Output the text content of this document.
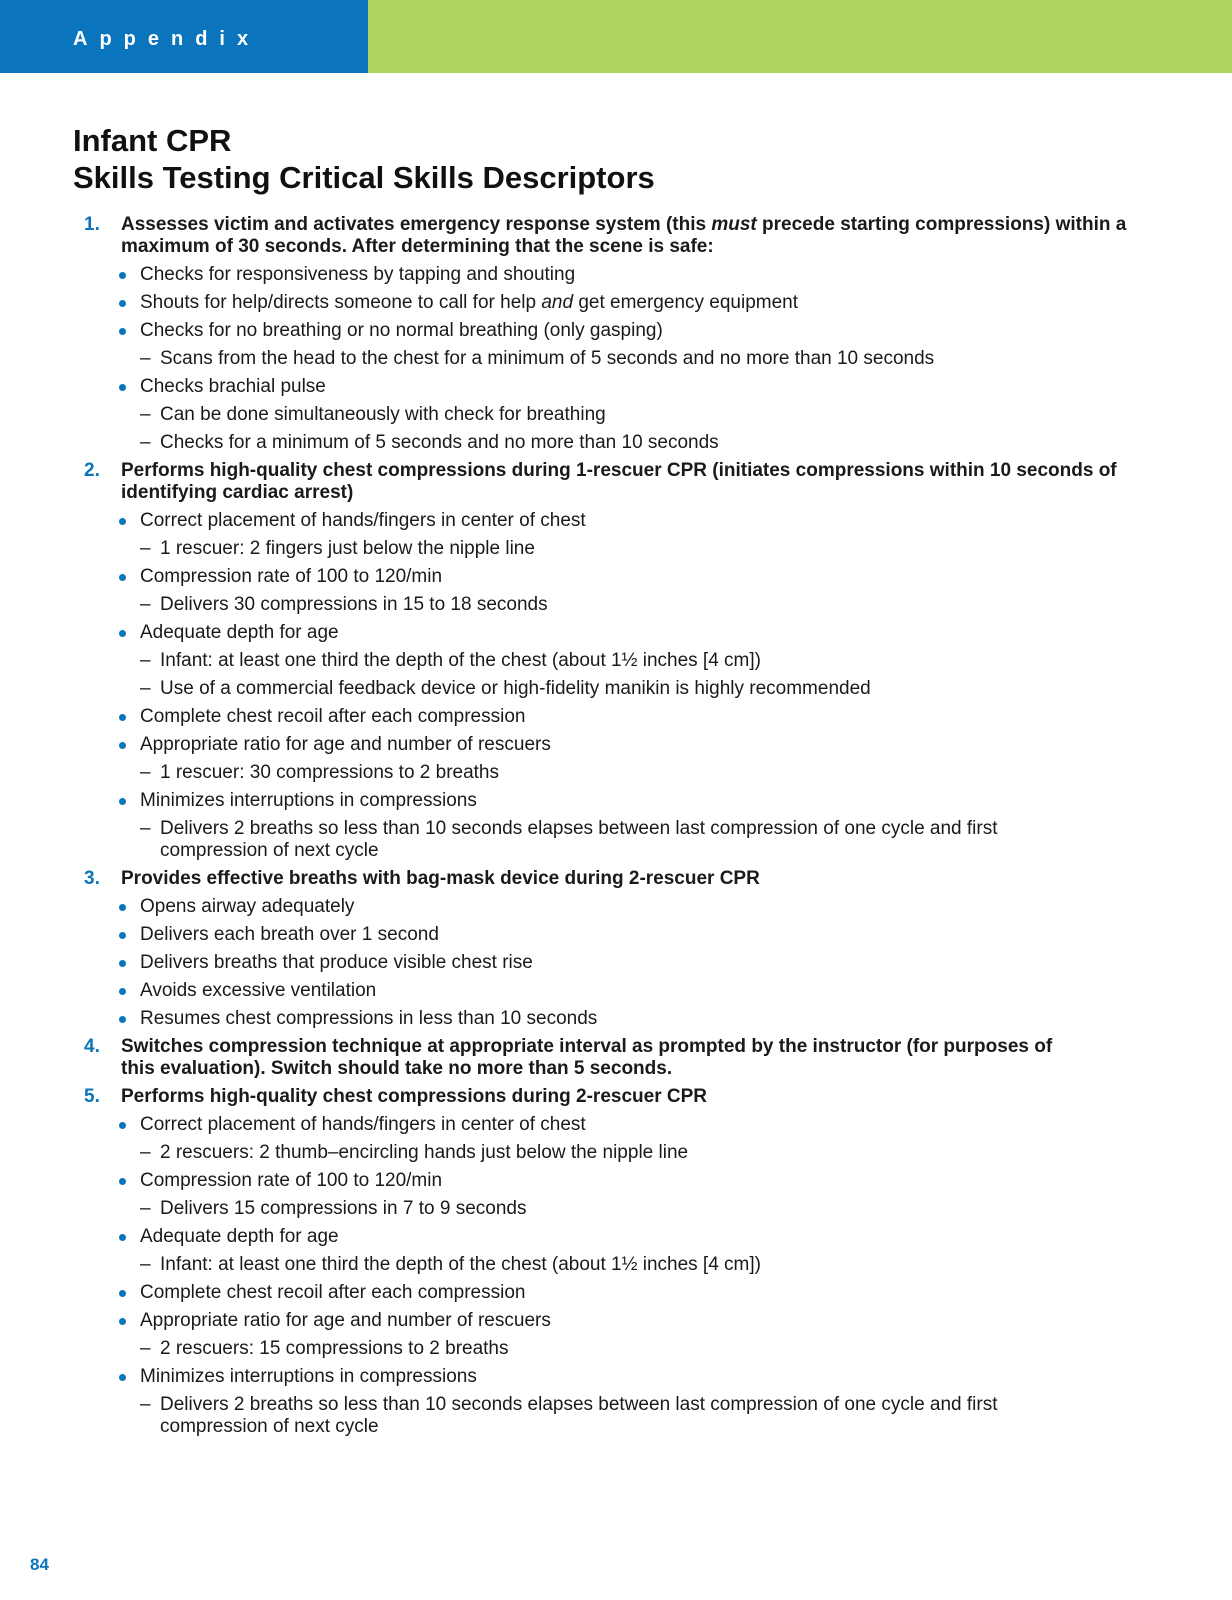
Appendix
Infant CPR
Skills Testing Critical Skills Descriptors
1.	Assesses victim and activates emergency response system (this must precede starting compressions) within a
maximum of 30 seconds. After determining that the scene is safe:
Checks for responsiveness by tapping and shouting
Shouts for help/directs someone to call for help and get emergency equipment
Checks for no breathing or no normal breathing (only gasping)
– Scans from the head to the chest for a minimum of 5 seconds and no more than 10 seconds
Checks brachial pulse
– Can be done simultaneously with check for breathing
– Checks for a minimum of 5 seconds and no more than 10 seconds
2.	Performs high-quality chest compressions during 1-rescuer CPR (initiates compressions within 10 seconds of
identifying cardiac arrest)
Correct placement of hands/fingers in center of chest
– 1 rescuer: 2 fingers just below the nipple line
Compression rate of 100 to 120/min
– Delivers 30 compressions in 15 to 18 seconds
Adequate depth for age
– Infant: at least one third the depth of the chest (about 1½ inches [4 cm])
– Use of a commercial feedback device or high-fidelity manikin is highly recommended
Complete chest recoil after each compression
Appropriate ratio for age and number of rescuers
– 1 rescuer: 30 compressions to 2 breaths
Minimizes interruptions in compressions
– Delivers 2 breaths so less than 10 seconds elapses between last compression of one cycle and first
compression of next cycle
3.	Provides effective breaths with bag-mask device during 2-rescuer CPR
Opens airway adequately
Delivers each breath over 1 second
Delivers breaths that produce visible chest rise
Avoids excessive ventilation
Resumes chest compressions in less than 10 seconds
4.	Switches compression technique at appropriate interval as prompted by the instructor (for purposes of
this evaluation). Switch should take no more than 5 seconds.
5.	Performs high-quality chest compressions during 2-rescuer CPR
Correct placement of hands/fingers in center of chest
– 2 rescuers: 2 thumb–encircling hands just below the nipple line
Compression rate of 100 to 120/min
– Delivers 15 compressions in 7 to 9 seconds
Adequate depth for age
– Infant: at least one third the depth of the chest (about 1½ inches [4 cm])
Complete chest recoil after each compression
Appropriate ratio for age and number of rescuers
– 2 rescuers: 15 compressions to 2 breaths
Minimizes interruptions in compressions
– Delivers 2 breaths so less than 10 seconds elapses between last compression of one cycle and first
compression of next cycle
84
